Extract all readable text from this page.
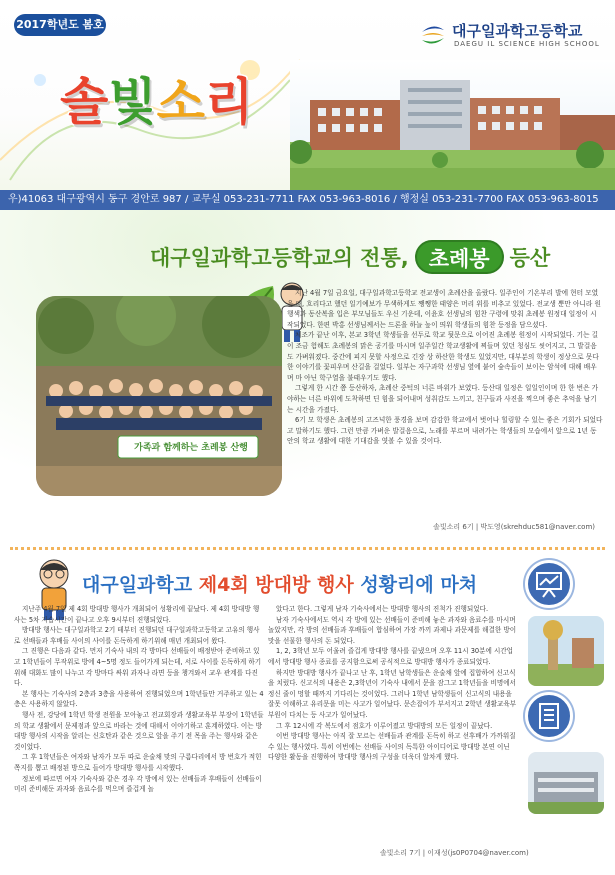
2017학년도 봄호	대구일과학고등학교
DAEGU IL SCIENCE HIGH SCHOOL
솔 빛 소 리
우)41063 대구광역시 동구 경안로 987 / 교무실 053-231-7711 FAX 053-963-8016 / 행정실 053-231-7700 FAX 053-963-8015
대구일과학고등학교의 전통, 초례봉 등산
가족과 함께하는 초례봉 산행

지난 4월 7일 금요일, 대구일과학고등학교 전교생이 초례산을 올랐다. 일주인이 기온부리 발에 현터 모였을 때, 흐리다고 했던 일기예보가 무색하게도 쨍쨍한 태양은 머리 위를 비추고 있었다. 전교생 뿐만 아니라 원행색과 동산복을 입은 부모님들도 우신 기운데, 이윤호 선생님의 힘찬 구령에 맞춰 초례봉 원정대 일정이 시작되었다. 한편 박홍 선생님께서는 드론을 하늘 높이 띄워 학생들의 힘찬 등정을 담으셨다.

체조가 끝난 이후, 본교 3학년 학생들을 선두로 학교 뒷문으로 이어진 초례봉 원정이 시작되었다. 기는 길이 조금 험해도 초례봉의 맑은 공기를 마시며 일주일간 학교생활에 찌들며 있던 청심도 씻어지고, 그 발걸음도 가벼워졌다. 중간에 피지 못할 사정으로 긴장 상 하산한 학생도 있었지만, 대부분의 학생이 정상으로 못다한 이야기를 꽃피우며 산길을 걸었다. 일부는 자구과학 선생님 옆에 붙어 숲속들이 보이는 암석에 대해 배우며 마 아닌 학구열을 불태우기도 했다.

그렇게 한 시간 쯤 등산하자, 초례산 중턱의 너른 바위가 보였다. 등산대 일정은 일일인이며 한 한 번은 가야하는 너른 바위에 도착하면 딘 힘을 되어내며 성취감도 느끼고, 친구들과 사진을 찍으며 좋은 추억을 남기는 시간을 가졌다.

6기 모 학생은 초례봉의 고즈넉한 풍경을 보며 감감한 학교에서 벗어나 힐링할 수 있는 좋은 기회가 되었다고 말하기도 했다. 그런 만큼 가벼운 발걸음으로, 노래를 부르며 내려가는 학생들의 모습에서 앞으로 1년 동안의 학교 생활에 대한 기대감을 엿볼 수 있을 것이다.

솔빛소리 6기 | 박도영(skrehduc581@naver.com)
대구일과학고 제4회 방대방 행사 성황리에 마쳐

지난주 4월 7일 제 4회 방대방 행사가 개최되어 성황리에 끝났다. 제 4회 방대방 행사는 5차 자습시간이 끝나고 오후 9시부터 진행되었다.

방대방 행사는 대구일과학고 2기 테부터 진행되던 대구일과학고등학교 고유의 행사로 선배들과 후배들 사이의 사이를 돈독하게 하기위해 매년 개최되어 왔다.

그 진행은 다음과 같다. 먼저 기숙사 내의 각 방마다 선배들이 배정받아 준비하고 있고 1학년들이 무작위로 방에 4~5명 정도 들어가게 되는데, 서로 사이를 돈독하게 하기 위해 대화도 많이 나누고 각 방마다 싸워 과자나 라면 등을 챙겨와서 교우 관계를 다진다.

본 행사는 기숙사의 2층과 3층을 사용하여 진행되었으며 1학년들만 거주하고 있는 4층은 사용하지 않았다.

행사 전, 강당에 1학년 학생 전원을 모아놓고 전교회장과 생활교육부 부장이 1학년들의 학교 생활에서 문제점과 앞으로 바라는 것에 대해서 이야기하고 훈계하였다. 이는 방대방 행사의 시작을 알리는 신호탄과 같은 것으로 앞을 주기 전 목을 주는 행사와 같은 것이었다.

그 후 1학년들은 여자와 남자가 모두 따로 운술채 맞의 구름다리에서 방 번호가 적힌 쪽지를 뽑고 배정된 방으로 들어가 방대방 행사를 시작했다.

정보에 따르면 여자 기숙사와 같은 경우 각 방에서 있는 선배들과 후배들이 선배들이 미리 준비해둔 과자와 음료수를 먹으며 즐겁게 놀

았다고 한다. 그렇게 남자 기숙사에서는 방대방 행사의 진척가 진행되었다.

남자 기숙사에서도 역시 각 방에 있는 선배들이 준비해 놓은 과자와 음료수를 마시며 놀았지만, 각 방의 선배들과 후배들이 합심하여 가장 까끼 과제나 과문제를 해결한 방이 맛을 선물한 행사의 돈 되었다.

1, 2, 3학년 모두 어울려 즐겁게 방대방 행사를 끝냈으며 오후 11시 30분에 시간업에서 방대방 행사 종료를 공지함으로써 공식적으로 방대방 행사가 종료되었다.

하지만 방대방 행사가 끝나고 난 후, 1학년 남학생들은 운술채 앞에 집합하여 신고식을 치렀다. 신고식의 내용은 2,3학년이 기숙사 내에서 문을 잠그고 1학년들을 비명에서 정신 줄이 멍할 때까지 기다리는 것이었다. 그러나 1학년 남학생들이 신고식의 내용을 잘못 이해하고 유리문을 미는 사고가 일어났다. 문손잡이가 부서지고 2학년 생활교육부 부원이 다치는 등 사고가 일어났다.

그 후 12시에 각 복도에서 점호가 이루어졌고 방대방의 모든 일정이 끝났다.

이번 방대방 행사는 아직 잘 모르는 선배들과 관계를 돈독히 하고 선후배가 가까워질 수 있는 행사였다. 특히 이번에는 선배들 사이의 독특한 아이디어로 방대방 본연 이닌 다양한 활동을 진행하여 방대방 행사의 구성을 더욱더 알차게 했다.

솔빛소리 7기 | 이재성(js0P0704@naver.com)
